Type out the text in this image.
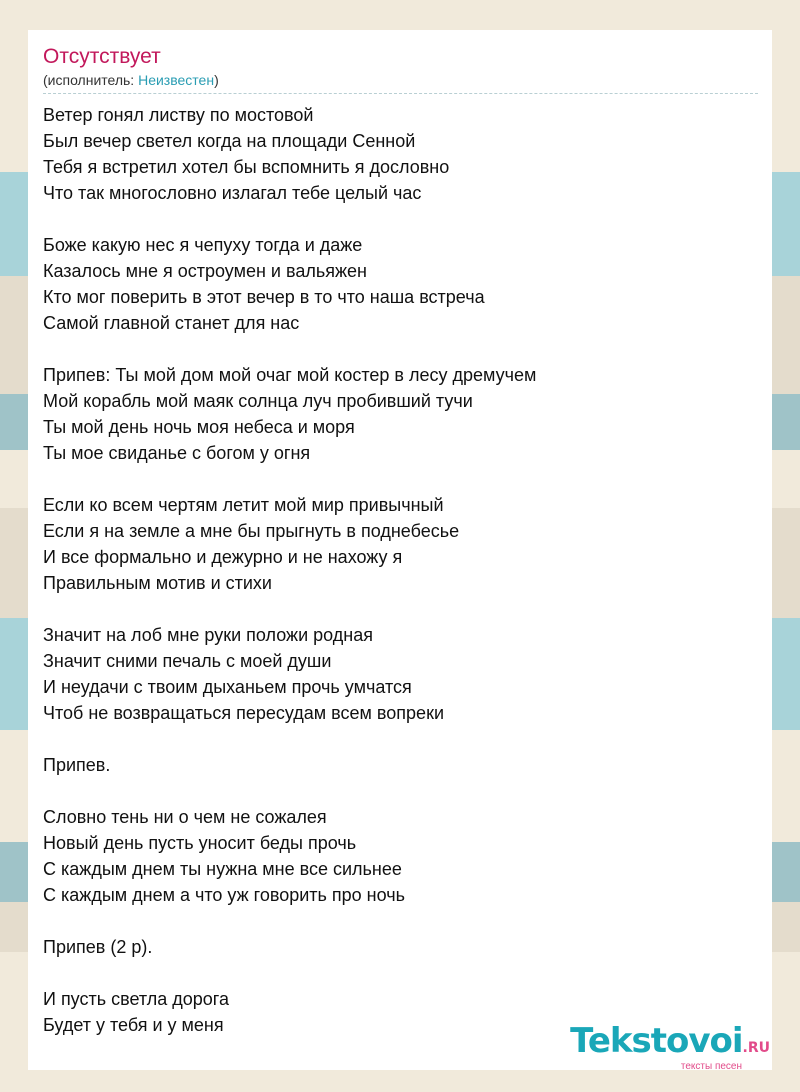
Отсутствует
(исполнитель: Неизвестен)
Ветер гонял листву по мостовой
Был вечер светел когда на площади Сенной
Тебя я встретил хотел бы вспомнить я дословно
Что так многословно излагал тебе целый час
Боже какую нес я чепуху тогда и даже
Казалось мне я остроумен и вальяжен
Кто мог поверить в этот вечер в то что наша встреча
Самой главной станет для нас
Припев: Ты мой дом мой очаг мой костер в лесу дремучем
Мой корабль мой маяк солнца луч пробивший тучи
Ты мой день ночь моя небеса и моря
Ты мое свиданье с богом у огня
Если ко всем чертям летит мой мир привычный
Если я на земле а мне бы прыгнуть в поднебесье
И все формально и дежурно и не нахожу я
Правильным мотив и стихи
Значит на лоб мне руки положи родная
Значит сними печаль с моей души
И неудачи с твоим дыханьем прочь умчатся
Чтоб не возвращаться пересудам всем вопреки
Припев.
Словно тень ни о чем не сожалея
Новый день пусть уносит беды прочь
С каждым днем ты нужна мне все сильнее
С каждым днем а что уж говорить про ночь
Припев (2 р).
И пусть светла дорога
Будет у тебя и у меня	Tekstovoi.RU
тексты песен
